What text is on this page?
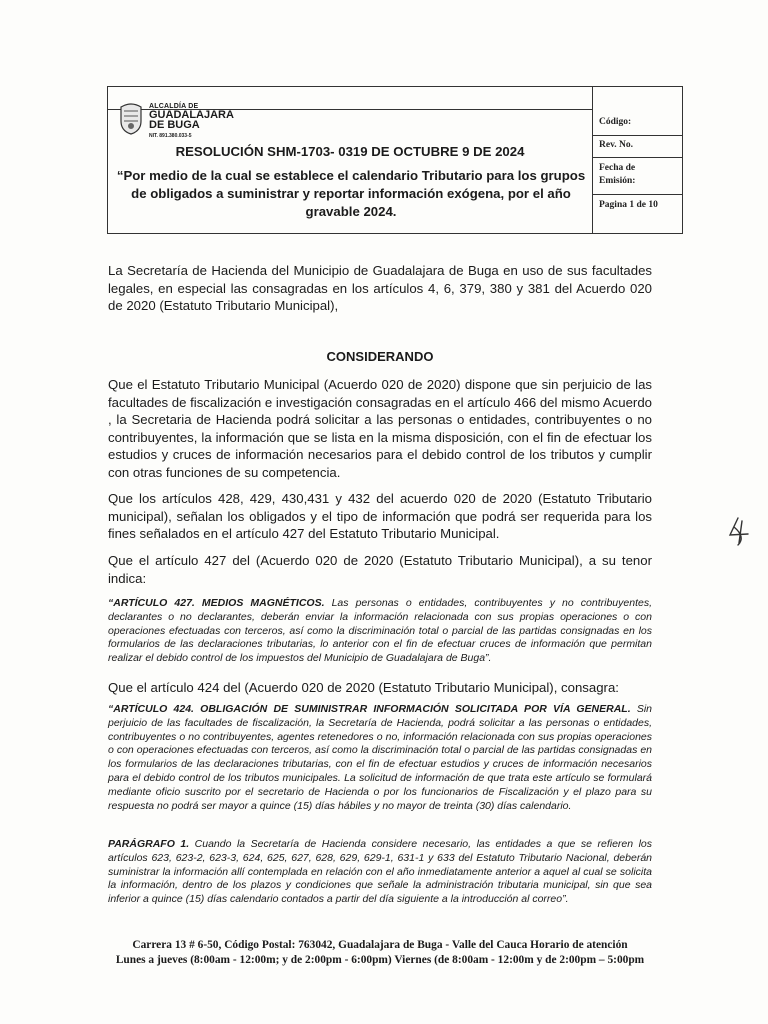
ALCALDÍA DE
GUADALAJARA
DE BUGA
NIT. 891.380.033-5
Código:
Rev. No.
Fecha de
Emisión:
Pagina 1 de 10
RESOLUCIÓN SHM-1703- 0319 DE OCTUBRE 9 DE 2024
“Por medio de la cual se establece el calendario Tributario para los grupos de obligados a suministrar y reportar información exógena, por el año gravable 2024.
La Secretaría de Hacienda del Municipio de Guadalajara de Buga en uso de sus facultades legales, en especial las consagradas en los artículos 4, 6, 379, 380 y 381 del Acuerdo 020 de 2020 (Estatuto Tributario Municipal),
CONSIDERANDO
Que el Estatuto Tributario Municipal (Acuerdo 020 de 2020) dispone que sin perjuicio de las facultades de fiscalización e investigación consagradas en el artículo 466 del mismo Acuerdo , la Secretaria de Hacienda podrá solicitar a las personas o entidades, contribuyentes o no contribuyentes, la información que se lista en la misma disposición, con el fin de efectuar los estudios y cruces de información necesarios para el debido control de los tributos y cumplir con otras funciones de su competencia.
Que los artículos 428, 429, 430,431 y 432 del acuerdo 020 de 2020 (Estatuto Tributario municipal), señalan los obligados y el tipo de información que podrá ser requerida para los fines señalados en el artículo 427 del Estatuto Tributario Municipal.
Que el artículo 427 del (Acuerdo 020 de 2020 (Estatuto Tributario Municipal), a su tenor indica:
“ARTÍCULO 427. MEDIOS MAGNÉTICOS. Las personas o entidades, contribuyentes y no contribuyentes, declarantes o no declarantes, deberán enviar la información relacionada con sus propias operaciones o con operaciones efectuadas con terceros, así como la discriminación total o parcial de las partidas consignadas en los formularios de las declaraciones tributarias, lo anterior con el fin de efectuar cruces de información que permitan realizar el debido control de los impuestos del Municipio de Guadalajara de Buga”.
Que el artículo 424 del (Acuerdo 020 de 2020 (Estatuto Tributario Municipal), consagra:
“ARTÍCULO 424. OBLIGACIÓN DE SUMINISTRAR INFORMACIÓN SOLICITADA POR VÍA GENERAL. Sin perjuicio de las facultades de fiscalización, la Secretaría de Hacienda, podrá solicitar a las personas o entidades, contribuyentes o no contribuyentes, agentes retenedores o no, información relacionada con sus propias operaciones o con operaciones efectuadas con terceros, así como la discriminación total o parcial de las partidas consignadas en los formularios de las declaraciones tributarias, con el fin de efectuar estudios y cruces de información necesarios para el debido control de los tributos municipales. La solicitud de información de que trata este artículo se formulará mediante oficio suscrito por el secretario de Hacienda o por los funcionarios de Fiscalización y el plazo para su respuesta no podrá ser mayor a quince (15) días hábiles y no mayor de treinta (30) días calendario.
PARÁGRAFO 1. Cuando la Secretaría de Hacienda considere necesario, las entidades a que se refieren los artículos 623, 623-2, 623-3, 624, 625, 627, 628, 629, 629-1, 631-1 y 633 del Estatuto Tributario Nacional, deberán suministrar la información allí contemplada en relación con el año inmediatamente anterior a aquel al cual se solicita la información, dentro de los plazos y condiciones que señale la administración tributaria municipal, sin que sea inferior a quince (15) días calendario contados a partir del día siguiente a la introducción al correo”.
Carrera 13 # 6-50, Código Postal: 763042, Guadalajara de Buga - Valle del Cauca Horario de atención
Lunes a jueves (8:00am - 12:00m; y de 2:00pm - 6:00pm) Viernes (de 8:00am - 12:00m y de 2:00pm – 5:00pm
